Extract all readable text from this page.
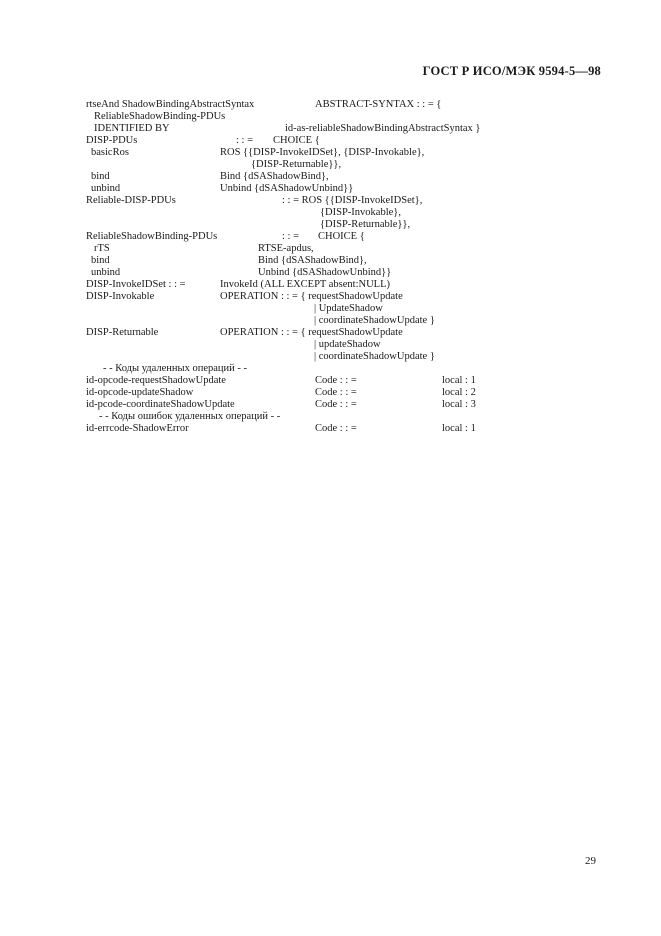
ГОСТ Р ИСО/МЭК 9594-5—98
rtseAnd ShadowBindingAbstractSyntax	ABSTRACT-SYNTAX : : = {
ReliableShadowBinding-PDUs
IDENTIFIED BY	id-as-reliableShadowBindingAbstractSyntax }
DISP-PDUs	: : = CHOICE {
basicRos	ROS {{DISP-InvokeIDSet}, {DISP-Invokable},
{DISP-Returnable}},
bind	Bind {dSAShadowBind},
unbind	Unbind {dSAShadowUnbind}}
Reliable-DISP-PDUs	: : = ROS {{DISP-InvokeIDSet},
{DISP-Invokable},
{DISP-Returnable}},
ReliableShadowBinding-PDUs	: : = CHOICE {
rTS	RTSE-apdus,
bind	Bind {dSAShadowBind},
unbind	Unbind {dSAShadowUnbind}}
DISP-InvokeIDSet : : =	InvokeId (ALL EXCEPT absent:NULL)
DISP-Invokable	OPERATION : : = { requestShadowUpdate
| UpdateShadow
| coordinateShadowUpdate }
DISP-Returnable	OPERATION : : = { requestShadowUpdate
| updateShadow
| coordinateShadowUpdate }
- - Коды удаленных операций - -
id-opcode-requestShadowUpdate	Code : : =	local : 1
id-opcode-updateShadow	Code : : =	local : 2
id-pcode-coordinateShadowUpdate	Code : : =	local : 3
- - Коды ошибок удаленных операций - -
id-errcode-ShadowError	Code : : =	local : 1
29
